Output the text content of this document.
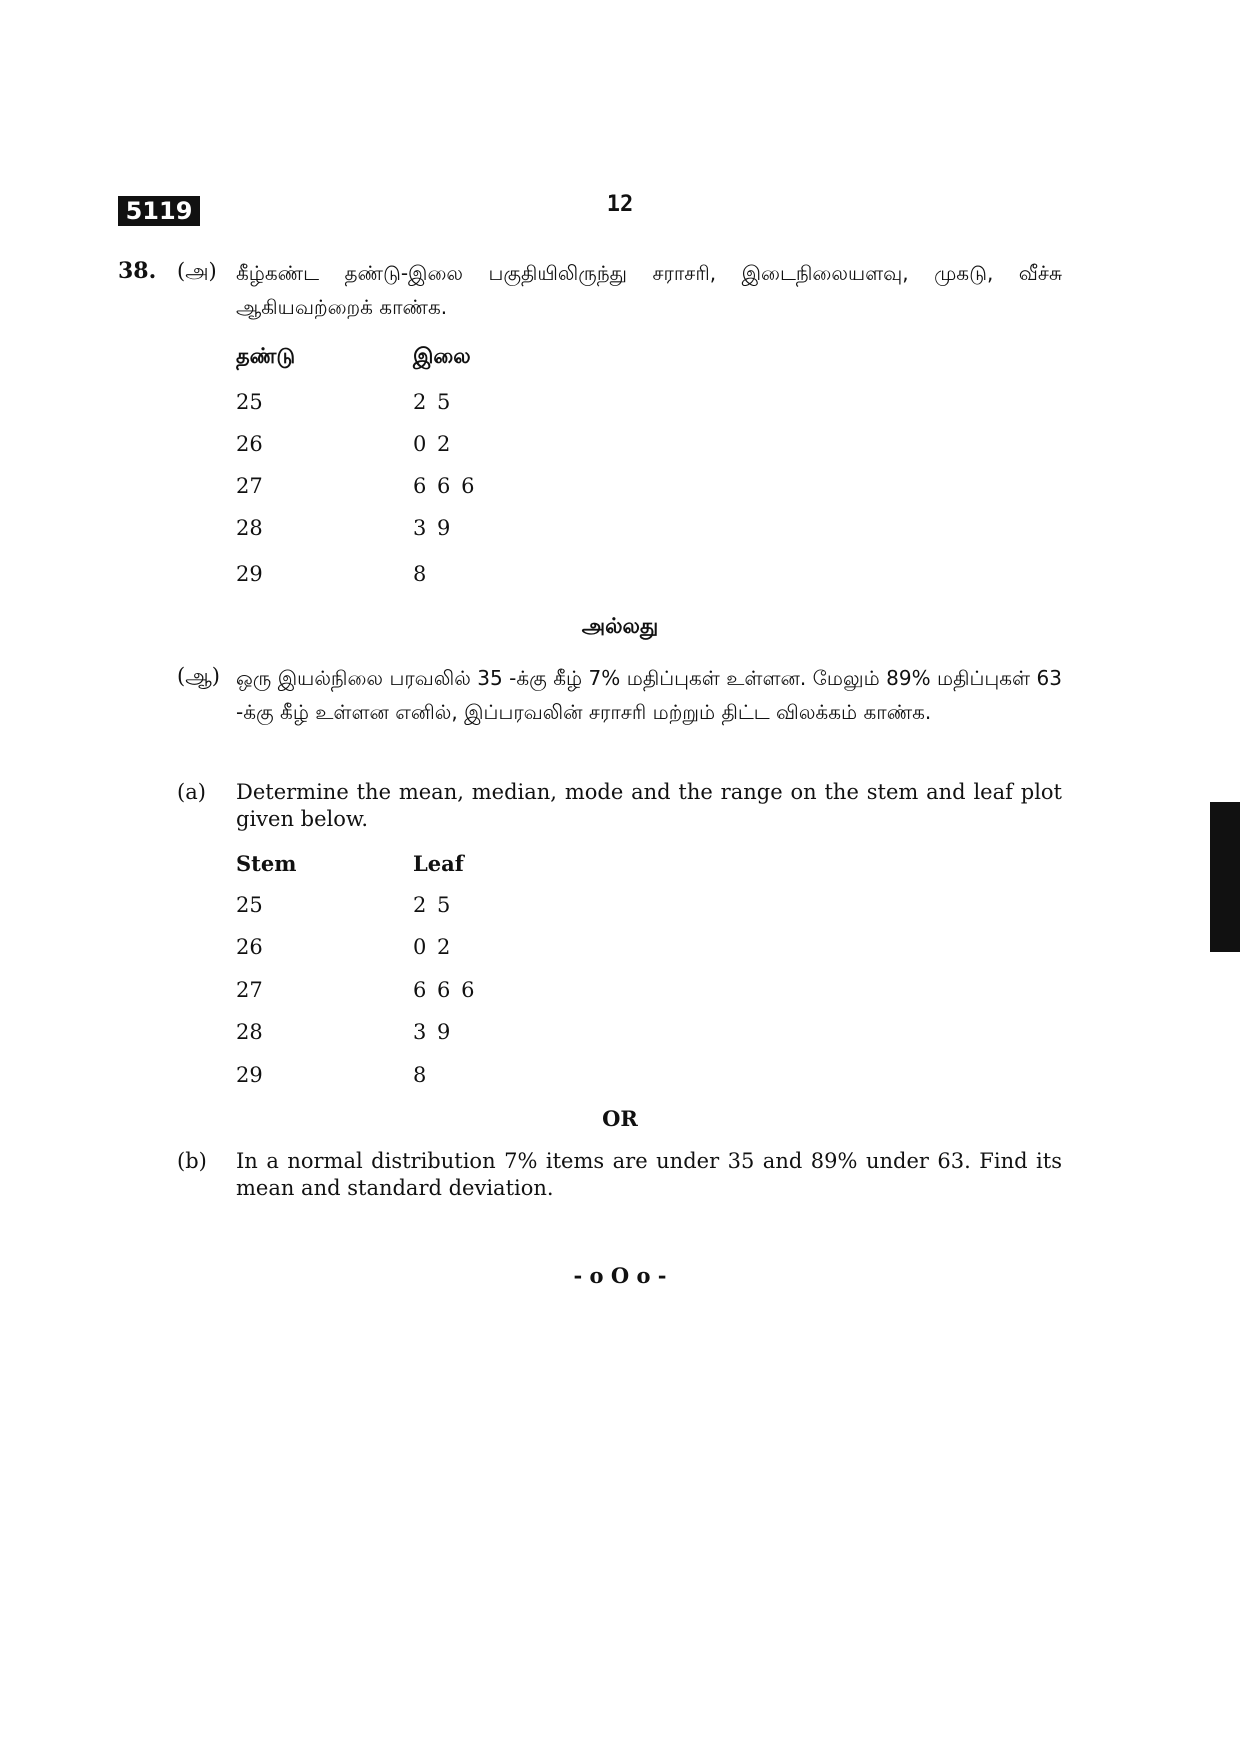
5119	12
38. (அ) கீழ்கண்ட தண்டு-இலை பகுதியிலிருந்து சராசரி, இடைநிலையளவு, முகடு, வீச்சு ஆகியவற்றைக் காண்க.
தண்டு	இலை
25	2 5
26	0 2
27	6 6 6
28	3 9
29	8
அல்லது
(ஆ) ஒரு இயல்நிலை பரவலில் 35 -க்கு கீழ் 7% மதிப்புகள் உள்ளன. மேலும் 89% மதிப்புகள் 63 -க்கு கீழ் உள்ளன எனில், இப்பரவலின் சராசரி மற்றும் திட்ட விலக்கம் காண்க.
(a) Determine the mean, median, mode and the range on the stem and leaf plot given below.
Stem	Leaf
25	2 5
26	0 2
27	6 6 6
28	3 9
29	8
OR
(b) In a normal distribution 7% items are under 35 and 89% under 63. Find its mean and standard deviation.
- o O o -
